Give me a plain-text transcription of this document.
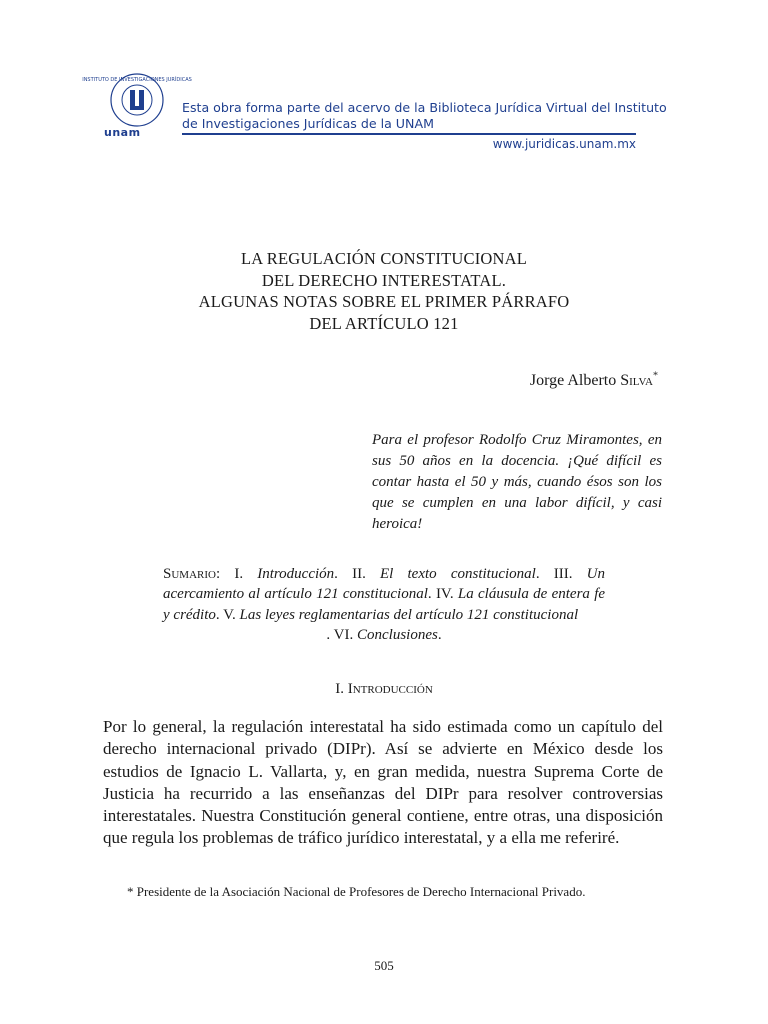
INSTITUTO DE INVESTIGACIONES JURÍDICAS
unam
Esta obra forma parte del acervo de la Biblioteca Jurídica Virtual del Instituto
de Investigaciones Jurídicas de la UNAM
www.juridicas.unam.mx
LA REGULACIÓN CONSTITUCIONAL
DEL DERECHO INTERESTATAL.
ALGUNAS NOTAS SOBRE EL PRIMER PÁRRAFO
DEL ARTÍCULO 121
Jorge Alberto Silva*
Para el profesor Rodolfo Cruz Miramontes, en sus 50 años en la docencia. ¡Qué difícil es contar hasta el 50 y más, cuando ésos son los que se cumplen en una labor difícil, y casi heroica!
Sumario: I. Introducción. II. El texto constitucional. III. Un acercamiento al artículo 121 constitucional. IV. La cláusula de entera fe y crédito. V. Las leyes reglamentarias del artículo 121 constitucional
. VI. Conclusiones.
I. Introducción
Por lo general, la regulación interestatal ha sido estimada como un capítulo del derecho internacional privado (DIPr). Así se advierte en México desde los estudios de Ignacio L. Vallarta, y, en gran medida, nuestra Suprema Corte de Justicia ha recurrido a las enseñanzas del DIPr para resolver controversias interestatales. Nuestra Constitución general contiene, entre otras, una disposición que regula los problemas de tráfico jurídico interestatal, y a ella me referiré.
* Presidente de la Asociación Nacional de Profesores de Derecho Internacional Privado.
505
